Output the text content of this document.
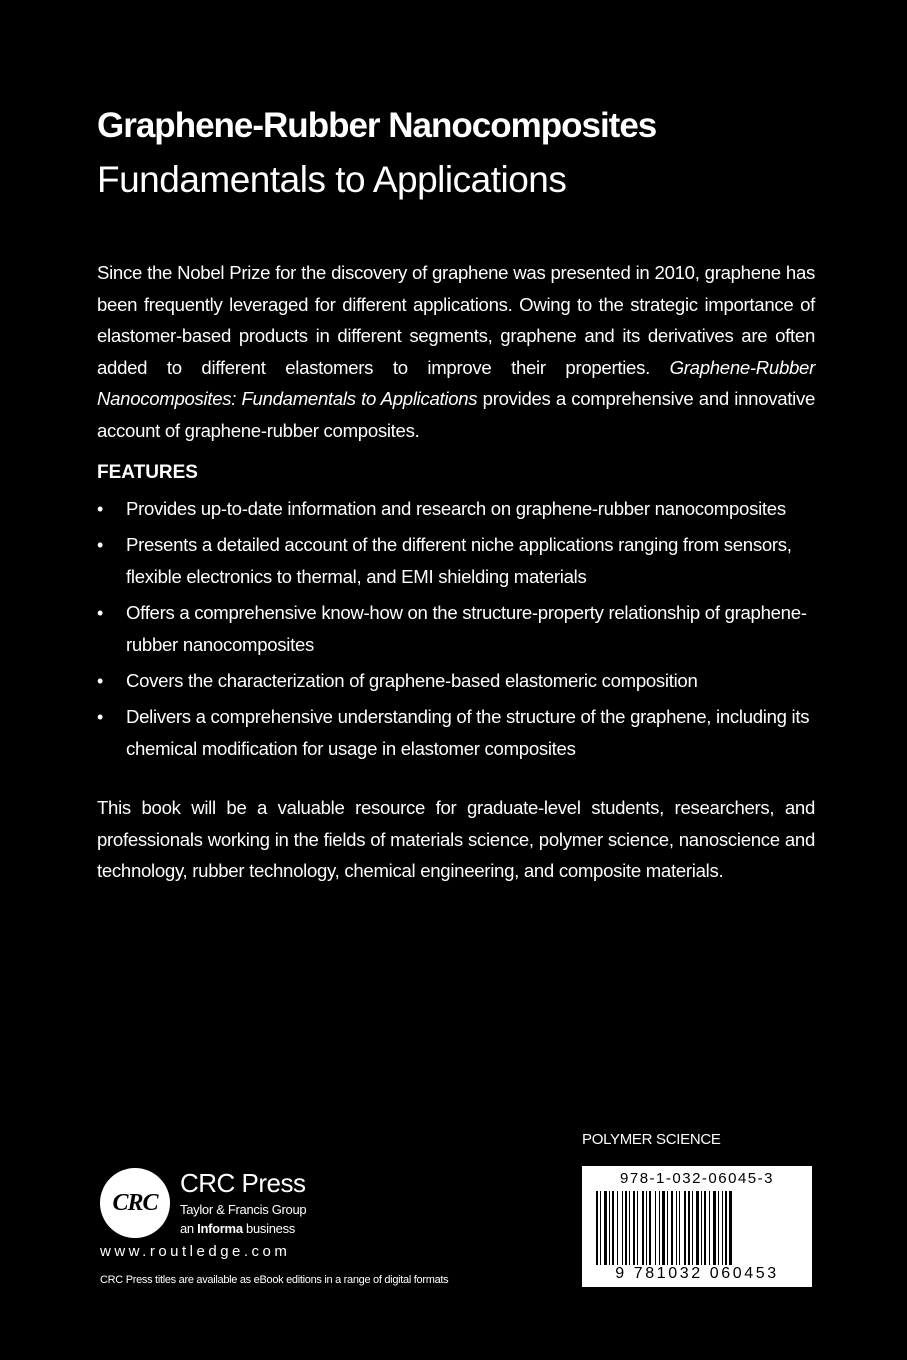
Graphene-Rubber Nanocomposites
Fundamentals to Applications

Since the Nobel Prize for the discovery of graphene was presented in 2010, graphene has been frequently leveraged for different applications. Owing to the strategic importance of elastomer-based products in different segments, graphene and its derivatives are often added to different elastomers to improve their properties. Graphene-Rubber Nanocomposites: Fundamentals to Applications provides a comprehensive and innovative account of graphene-rubber composites.

FEATURES
• Provides up-to-date information and research on graphene-rubber nanocomposites
• Presents a detailed account of the different niche applications ranging from sensors, flexible electronics to thermal, and EMI shielding materials
• Offers a comprehensive know-how on the structure-property relationship of graphene-rubber nanocomposites
• Covers the characterization of graphene-based elastomeric composition
• Delivers a comprehensive understanding of the structure of the graphene, including its chemical modification for usage in elastomer composites

This book will be a valuable resource for graduate-level students, researchers, and professionals working in the fields of materials science, polymer science, nanoscience and technology, rubber technology, chemical engineering, and composite materials.

CRC
CRC Press
Taylor & Francis Group
an Informa business
www.routledge.com
CRC Press titles are available as eBook editions in a range of digital formats
POLYMER SCIENCE
978-1-032-06045-3
9 781032 060453
